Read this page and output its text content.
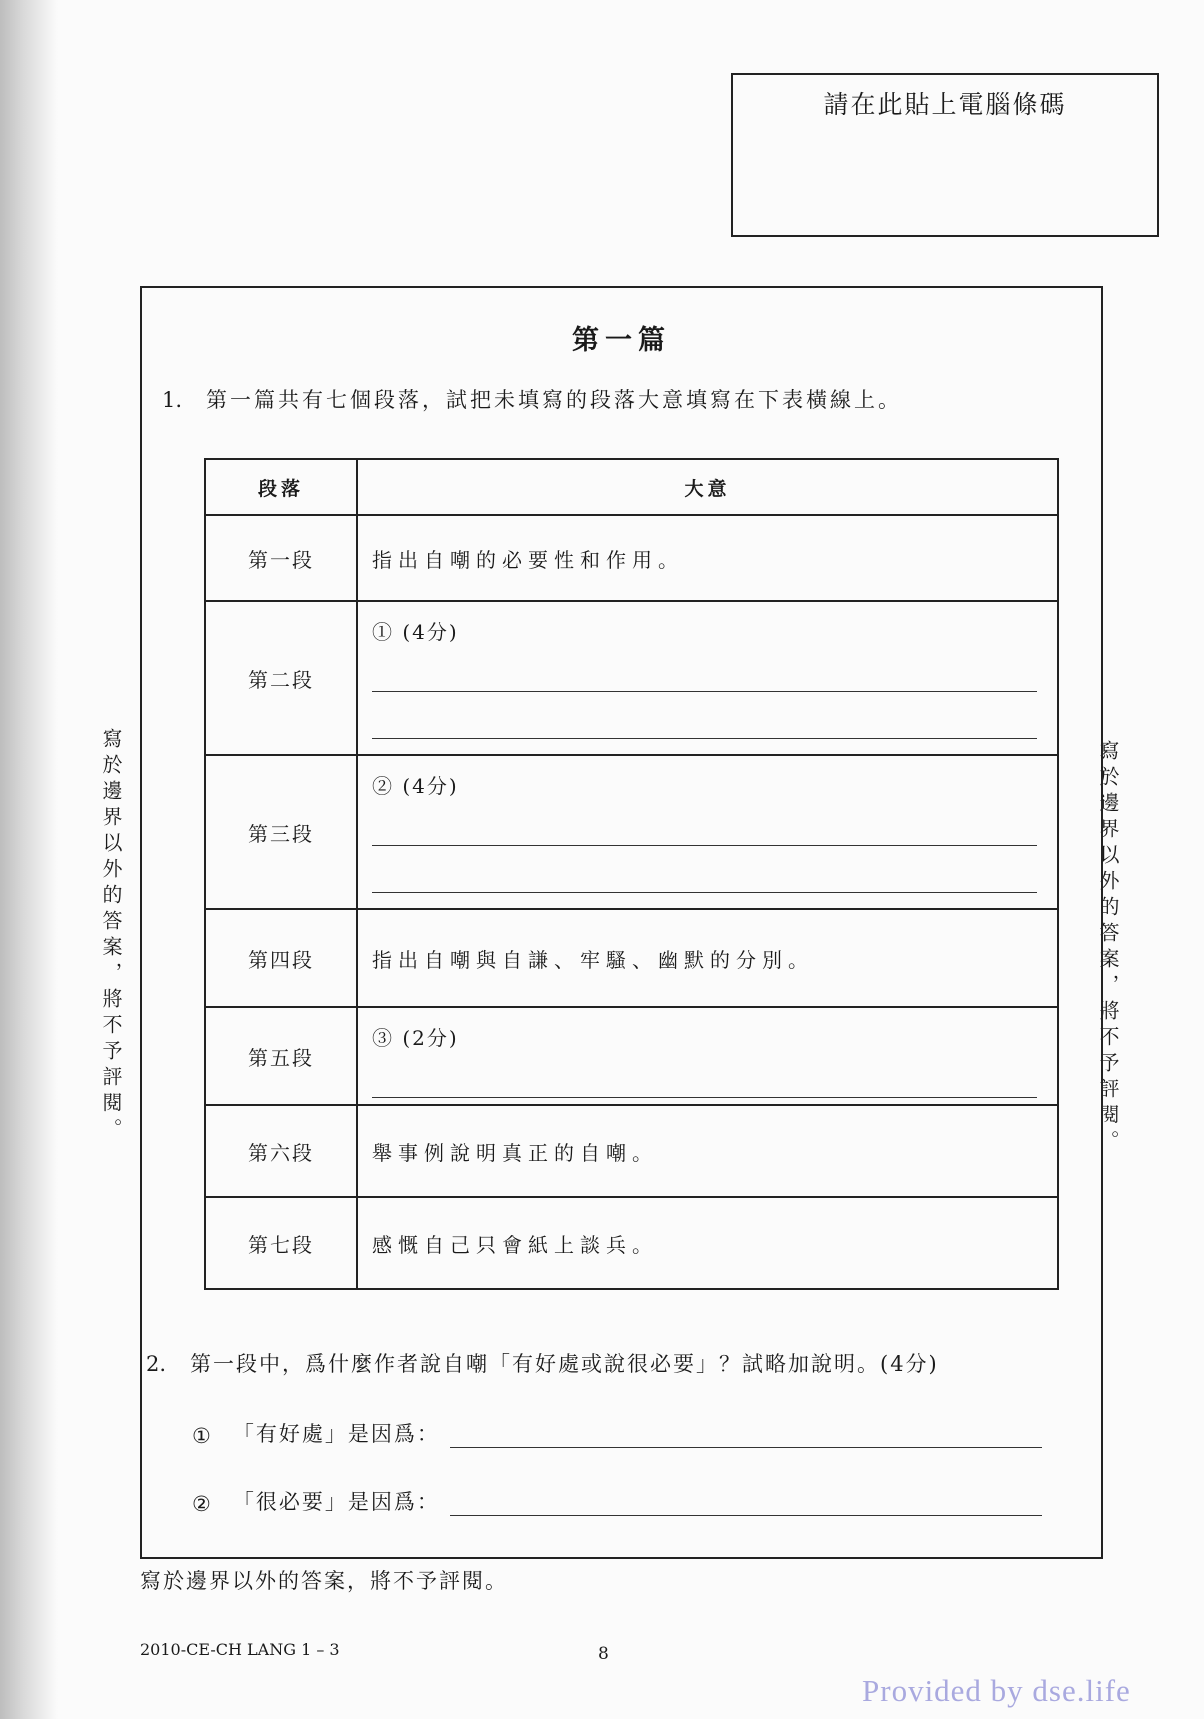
請在此貼上電腦條碼
寫於邊界以外的答案，將不予評閱。	寫於邊界以外的答案，將不予評閱。
第一篇
1. 第一篇共有七個段落，試把未填寫的段落大意填寫在下表橫線上。
段落	大意
第一段	指出自嘲的必要性和作用。
第二段	① (4分)

第三段	② (4分)

第四段	指出自嘲與自謙、牢騷、幽默的分別。
第五段	③ (2分)

第六段	舉事例說明真正的自嘲。
第七段	感慨自己只會紙上談兵。
2. 第一段中，爲什麼作者說自嘲「有好處或說很必要」？試略加說明。(4分)
① 「有好處」是因爲：
② 「很必要」是因爲：
寫於邊界以外的答案，將不予評閱。
2010-CE-CH LANG 1 – 3	8
Provided by dse.life
